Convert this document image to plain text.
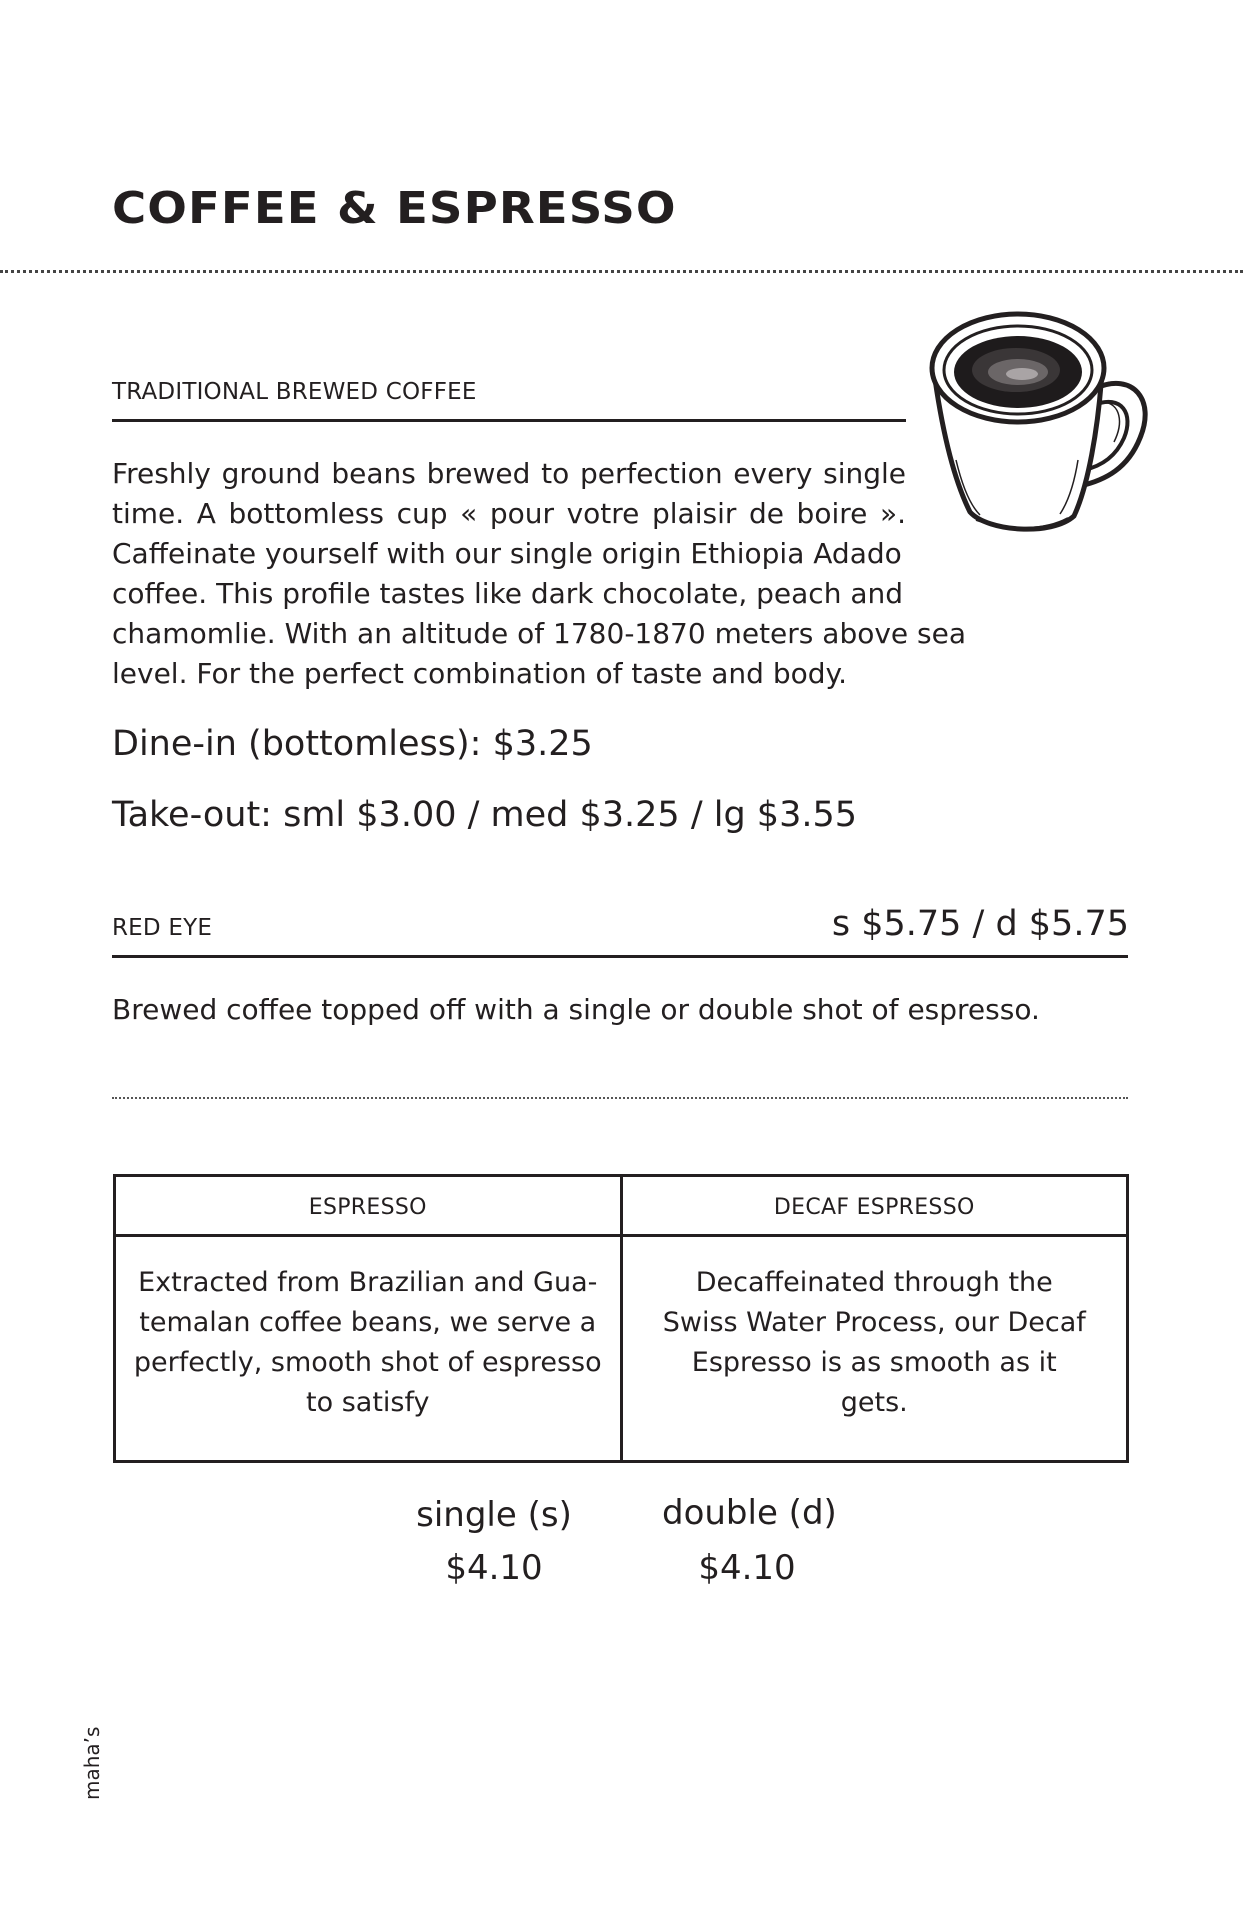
COFFEE & ESPRESSO
TRADITIONAL BREWED COFFEE
Freshly ground beans brewed to perfection every single
time. A bottomless cup « pour votre plaisir de boire ».
Caffeinate yourself with our single origin Ethiopia Adado
coffee. This profile tastes like dark chocolate, peach and
chamomlie. With an altitude of 1780-1870 meters above sea
level. For the perfect combination of taste and body.
Dine-in (bottomless): $3.25
Take-out: sml $3.00 / med $3.25 / lg $3.55
RED EYE	s $5.75 / d $5.75
Brewed coffee topped off with a single or double shot of espresso.
ESPRESSO
Extracted from Brazilian and Gua-temalan coffee beans, we serve a perfectly, smooth shot of espresso to satisfy
DECAF ESPRESSO
Decaffeinated through the Swiss Water Process, our Decaf Espresso is as smooth as it gets.
single (s)
$4.10
double (d)
$4.10
maha’s
